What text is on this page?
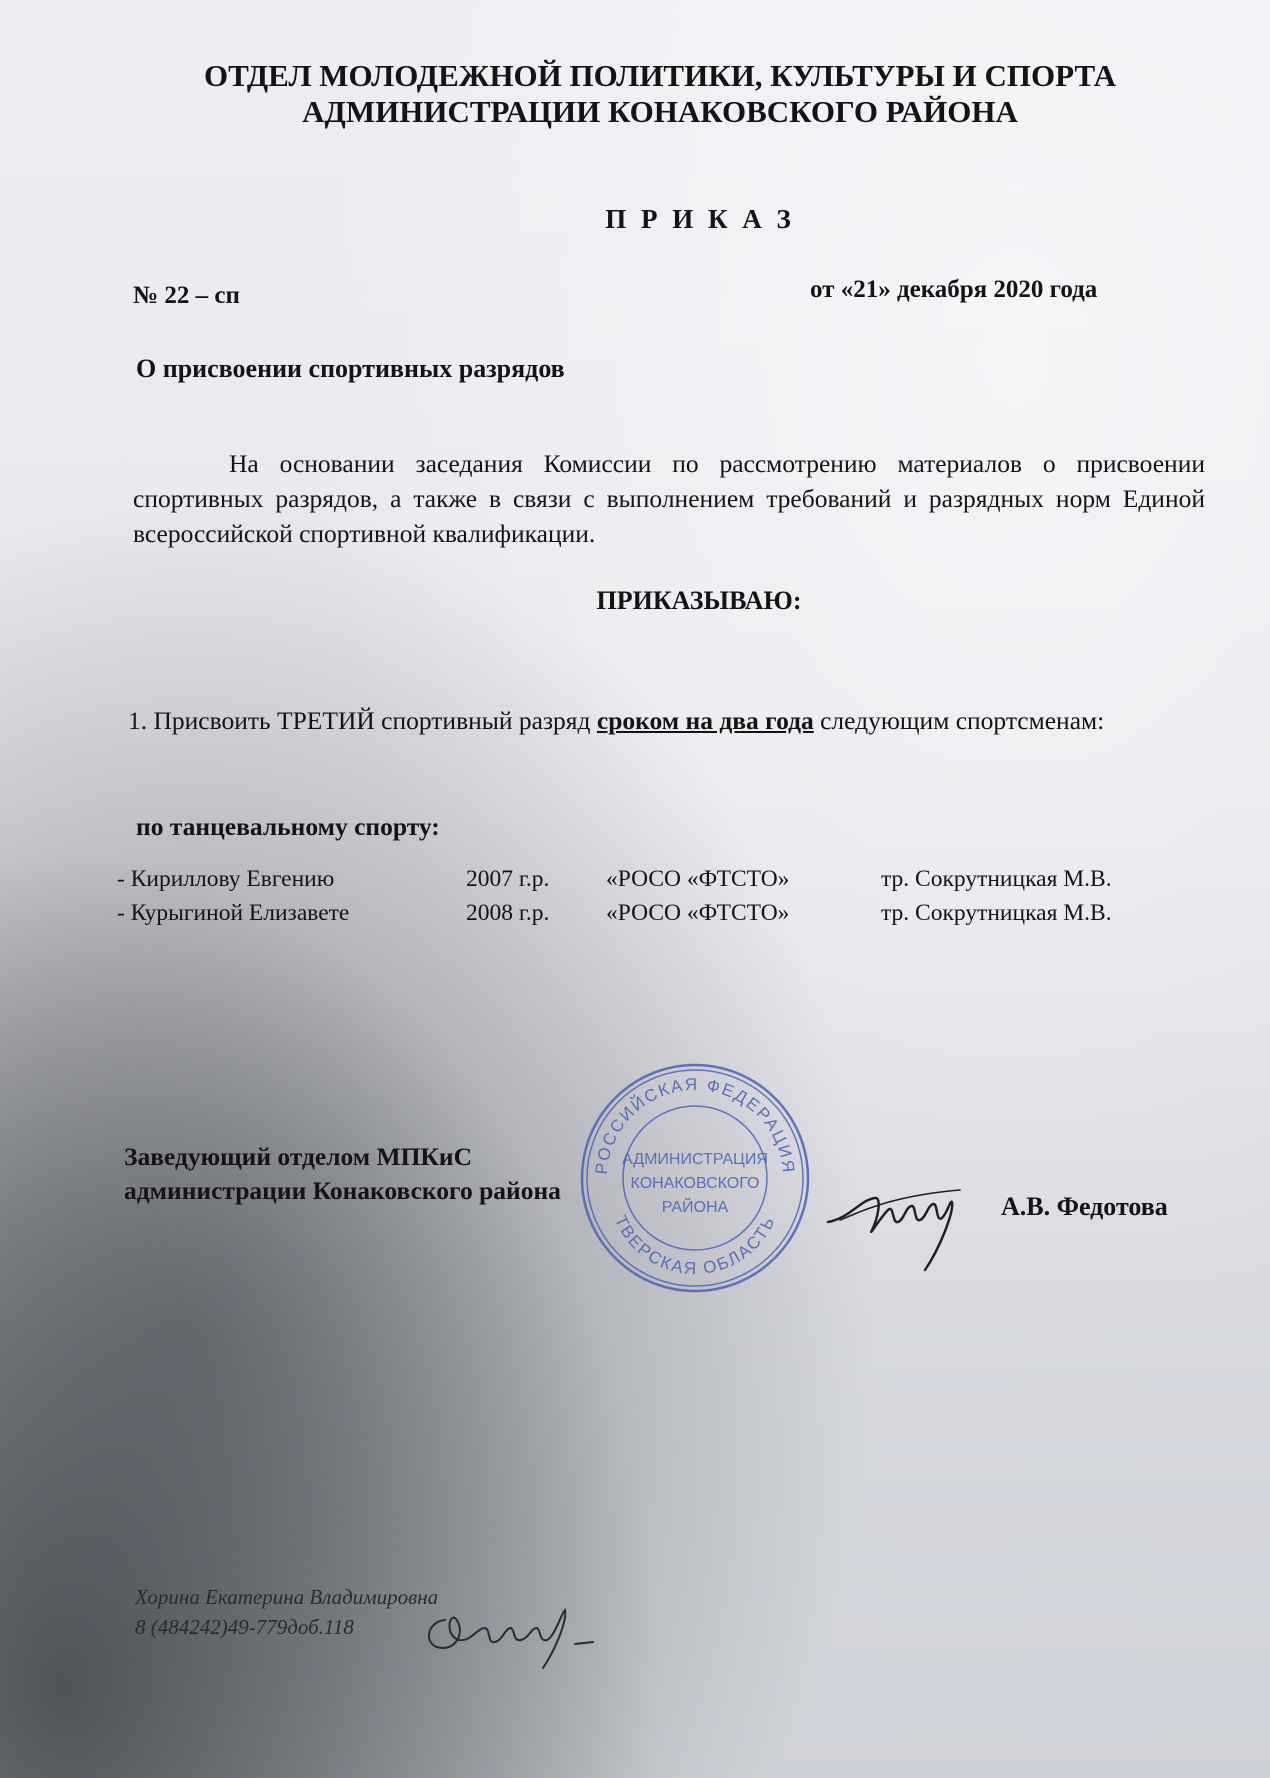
ОТДЕЛ МОЛОДЕЖНОЙ ПОЛИТИКИ, КУЛЬТУРЫ И СПОРТА
АДМИНИСТРАЦИИ КОНАКОВСКОГО РАЙОНА
П Р И К А З
№ 22 – сп	от «21» декабря 2020 года
О присвоении спортивных разрядов
На основании заседания Комиссии по рассмотрению материалов о присвоении спортивных разрядов, а также в связи с выполнением требований и разрядных норм Единой всероссийской спортивной квалификации.
ПРИКАЗЫВАЮ:
1. Присвоить ТРЕТИЙ спортивный разряд сроком на два года следующим спортсменам:
по танцевальному спорту:
- Кириллову Евгению	2007 г.р. «РОСО «ФТСТО»	тр. Сокрутницкая М.В.
- Курыгиной Елизавете	2008 г.р. «РОСО «ФТСТО»	тр. Сокрутницкая М.В.
РОССИЙСКАЯ ФЕДЕРАЦИЯ
ТВЕРСКАЯ ОБЛАСТЬ
АДМИНИСТРАЦИЯ
КОНАКОВСКОГО
РАЙОНА
Заведующий отделом МПКиС
администрации Конаковского района
А.В. Федотова
Хорина Екатерина Владимировна
8 (484242)49-779доб.118
